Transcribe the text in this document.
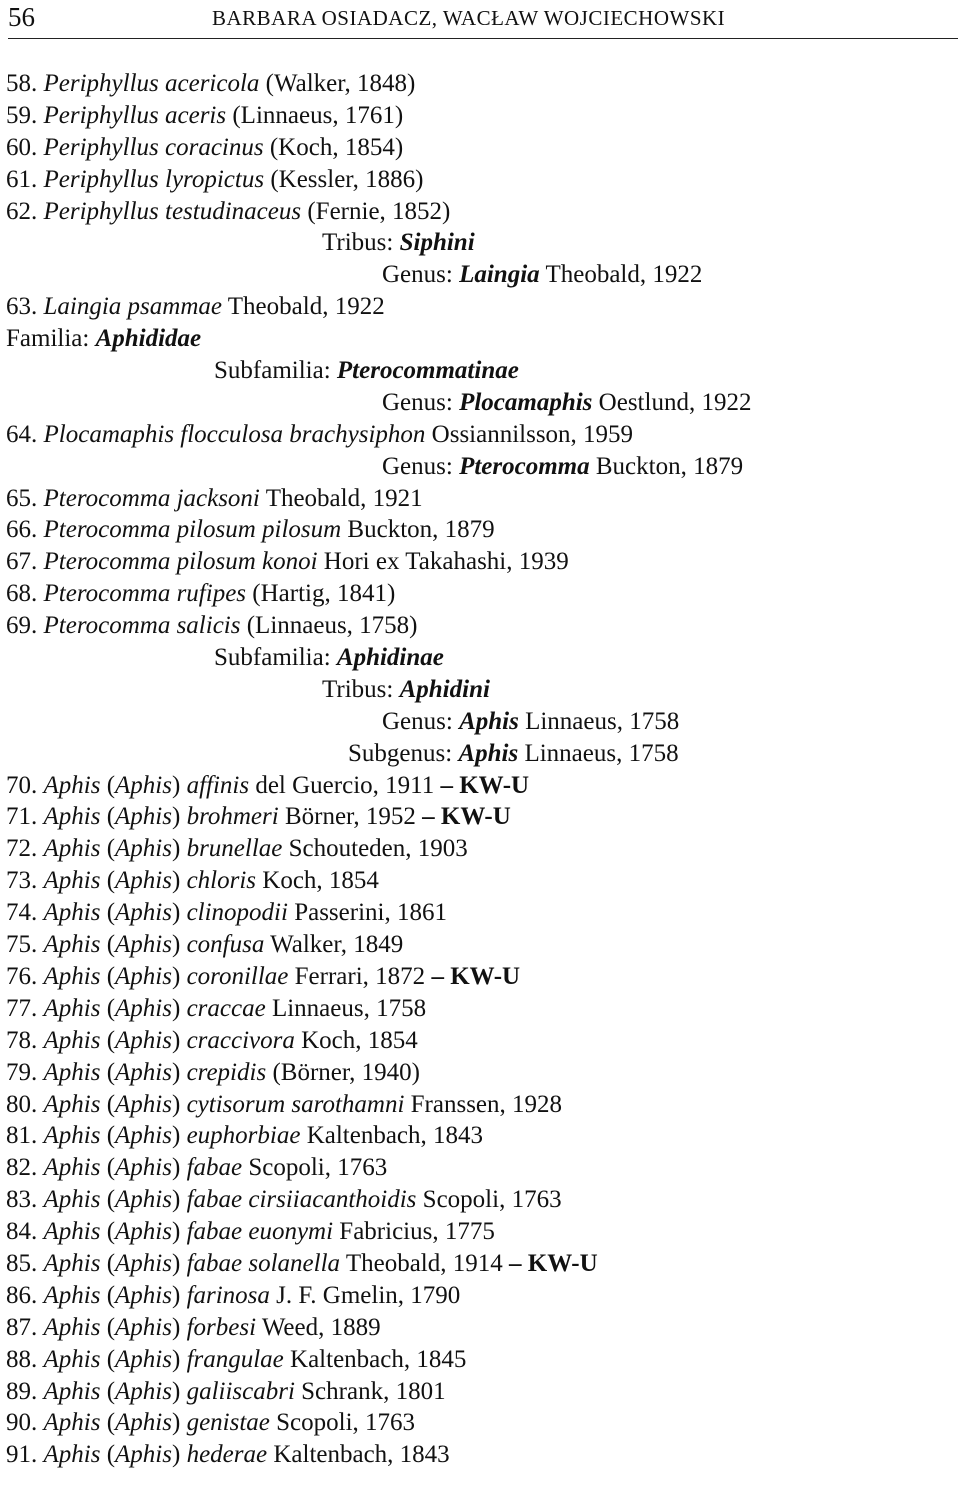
56	BARBARA OSIADACZ, WACŁAW WOJCIECHOWSKI
58. Periphyllus acericola (Walker, 1848)
59. Periphyllus aceris (Linnaeus, 1761)
60. Periphyllus coracinus (Koch, 1854)
61. Periphyllus lyropictus (Kessler, 1886)
62. Periphyllus testudinaceus (Fernie, 1852)
Tribus: Siphini
Genus: Laingia Theobald, 1922
63. Laingia psammae Theobald, 1922
Familia: Aphididae
Subfamilia: Pterocommatinae
Genus: Plocamaphis Oestlund, 1922
64. Plocamaphis flocculosa brachysiphon Ossiannilsson, 1959
Genus: Pterocomma Buckton, 1879
65. Pterocomma jacksoni Theobald, 1921
66. Pterocomma pilosum pilosum Buckton, 1879
67. Pterocomma pilosum konoi Hori ex Takahashi, 1939
68. Pterocomma rufipes (Hartig, 1841)
69. Pterocomma salicis (Linnaeus, 1758)
Subfamilia: Aphidinae
Tribus: Aphidini
Genus: Aphis Linnaeus, 1758
Subgenus: Aphis Linnaeus, 1758
70. Aphis (Aphis) affinis del Guercio, 1911 – KW-U
71. Aphis (Aphis) brohmeri Börner, 1952 – KW-U
72. Aphis (Aphis) brunellae Schouteden, 1903
73. Aphis (Aphis) chloris Koch, 1854
74. Aphis (Aphis) clinopodii Passerini, 1861
75. Aphis (Aphis) confusa Walker, 1849
76. Aphis (Aphis) coronillae Ferrari, 1872 – KW-U
77. Aphis (Aphis) craccae Linnaeus, 1758
78. Aphis (Aphis) craccivora Koch, 1854
79. Aphis (Aphis) crepidis (Börner, 1940)
80. Aphis (Aphis) cytisorum sarothamni Franssen, 1928
81. Aphis (Aphis) euphorbiae Kaltenbach, 1843
82. Aphis (Aphis) fabae Scopoli, 1763
83. Aphis (Aphis) fabae cirsiiacanthoidis Scopoli, 1763
84. Aphis (Aphis) fabae euonymi Fabricius, 1775
85. Aphis (Aphis) fabae solanella Theobald, 1914 – KW-U
86. Aphis (Aphis) farinosa J. F. Gmelin, 1790
87. Aphis (Aphis) forbesi Weed, 1889
88. Aphis (Aphis) frangulae Kaltenbach, 1845
89. Aphis (Aphis) galiiscabri Schrank, 1801
90. Aphis (Aphis) genistae Scopoli, 1763
91. Aphis (Aphis) hederae Kaltenbach, 1843
